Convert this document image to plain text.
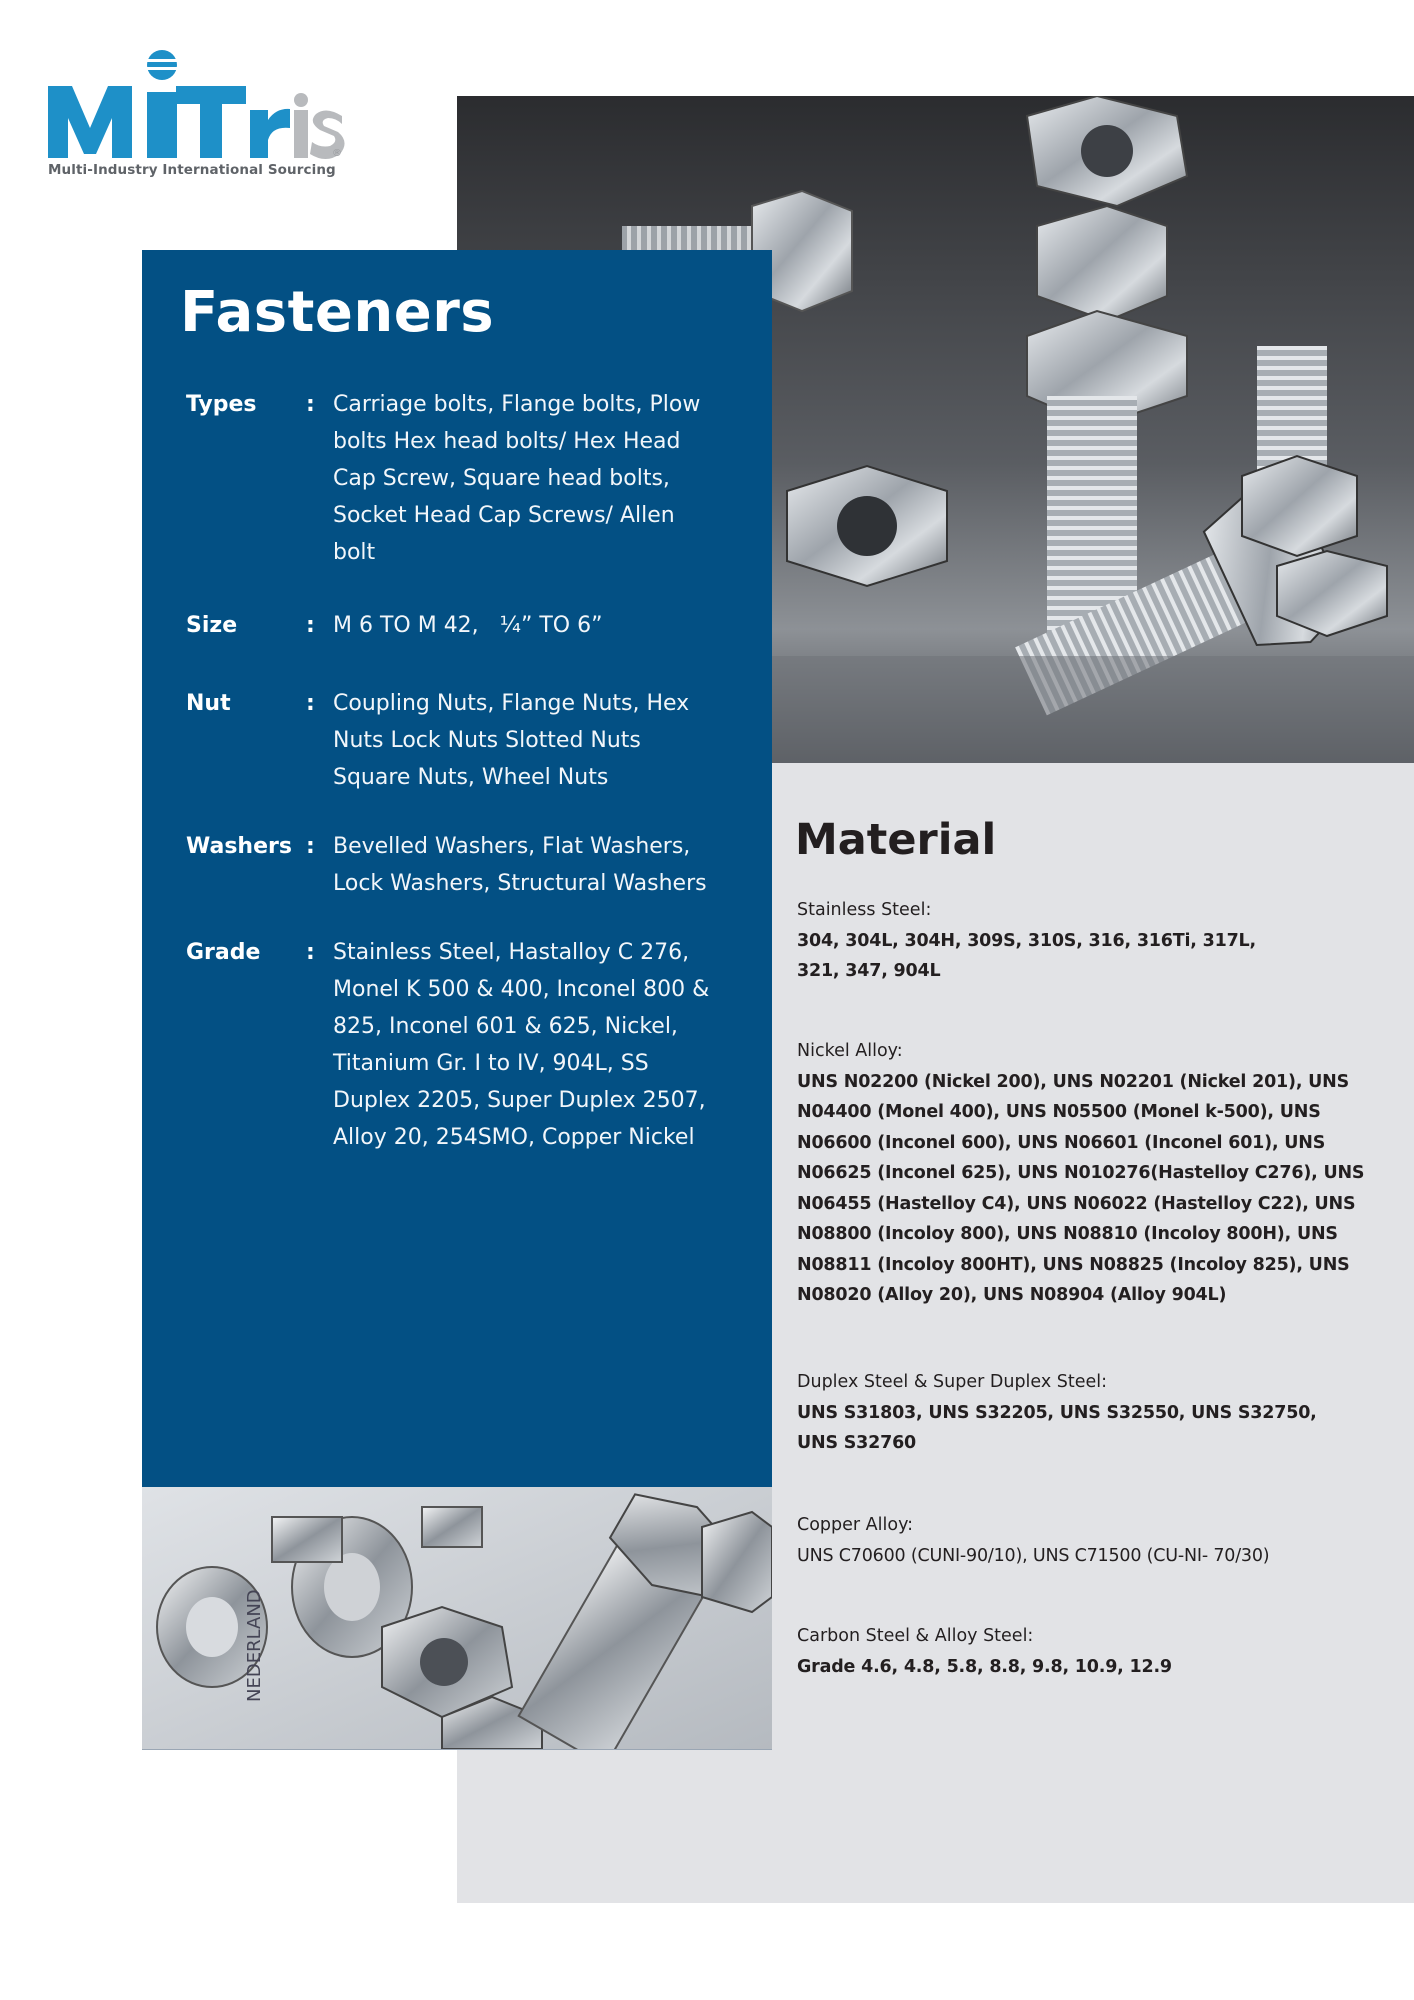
®
Multi-Industry International Sourcing
NEDERLAND
Fasteners
Types	: Carriage bolts, Flange bolts, Plow bolts Hex head bolts/ Hex Head Cap Screw, Square head bolts, Socket Head Cap Screws/ Allen bolt
Size	: M 6 TO M 42,   ¼” TO 6”
Nut	: Coupling Nuts, Flange Nuts, Hex Nuts Lock Nuts Slotted Nuts Square Nuts, Wheel Nuts
Washers : Bevelled Washers, Flat Washers, Lock Washers, Structural Washers
Grade	: Stainless Steel, Hastalloy C 276, Monel K 500 & 400, Inconel 800 & 825, Inconel 601 & 625, Nickel, Titanium Gr. I to IV, 904L, SS Duplex 2205, Super Duplex 2507, Alloy 20, 254SMO, Copper Nickel
Material

Stainless Steel:

304, 304L, 304H, 309S, 310S, 316, 316Ti, 317L, 321, 347, 904L

Nickel Alloy:

UNS N02200 (Nickel 200), UNS N02201 (Nickel 201), UNS N04400 (Monel 400), UNS N05500 (Monel k-500), UNS N06600 (Inconel 600), UNS N06601 (Inconel 601), UNS N06625 (Inconel 625), UNS N010276(Hastelloy C276), UNS N06455 (Hastelloy C4), UNS N06022 (Hastelloy C22), UNS N08800 (Incoloy 800), UNS N08810 (Incoloy 800H), UNS N08811 (Incoloy 800HT), UNS N08825 (Incoloy 825), UNS N08020 (Alloy 20), UNS N08904 (Alloy 904L)

Duplex Steel & Super Duplex Steel:

UNS S31803, UNS S32205, UNS S32550, UNS S32750, UNS S32760

Copper Alloy:

UNS C70600 (CUNI-90/10), UNS C71500 (CU-NI- 70/30)

Carbon Steel & Alloy Steel:

Grade 4.6, 4.8, 5.8, 8.8, 9.8, 10.9, 12.9
